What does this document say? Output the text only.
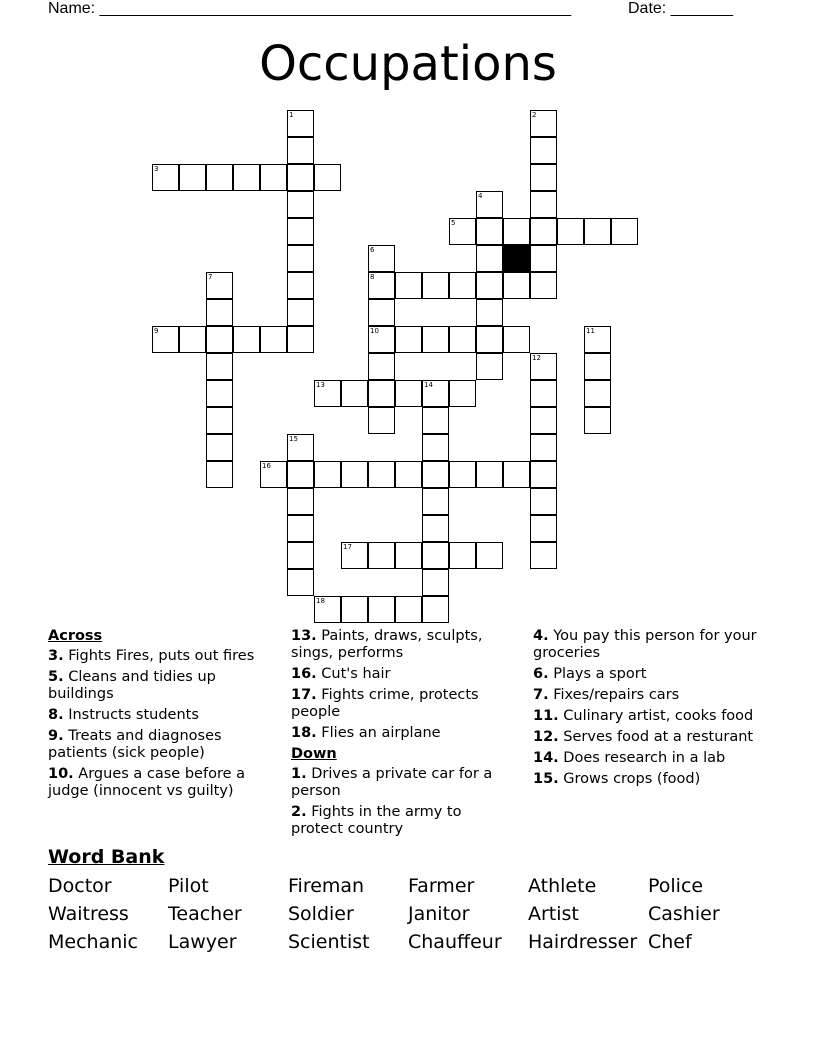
Name: _____________________________________________________	Date: _______
Occupations
1	2
3
4
5
6
7	8
9	10	11
12
13	14
15
16
17
18
Across
3. Fights Fires, puts out fires
5. Cleans and tidies up buildings
8. Instructs students
9. Treats and diagnoses patients (sick people)
10. Argues a case before a judge (innocent vs guilty)
13. Paints, draws, sculpts, sings, performs
16. Cut's hair
17. Fights crime, protects people
18. Flies an airplane
Down
1. Drives a private car for a person
2. Fights in the army to protect country
4. You pay this person for your groceries
6. Plays a sport
7. Fixes/repairs cars
11. Culinary artist, cooks food
12. Serves food at a resturant
14. Does research in a lab
15. Grows crops (food)
Word Bank
Doctor	Pilot	Fireman Farmer	Athlete	Police
Waitress Teacher Soldier	Janitor	Artist	Cashier
Mechanic Lawyer	Scientist Chauffeur Hairdresser Chef
